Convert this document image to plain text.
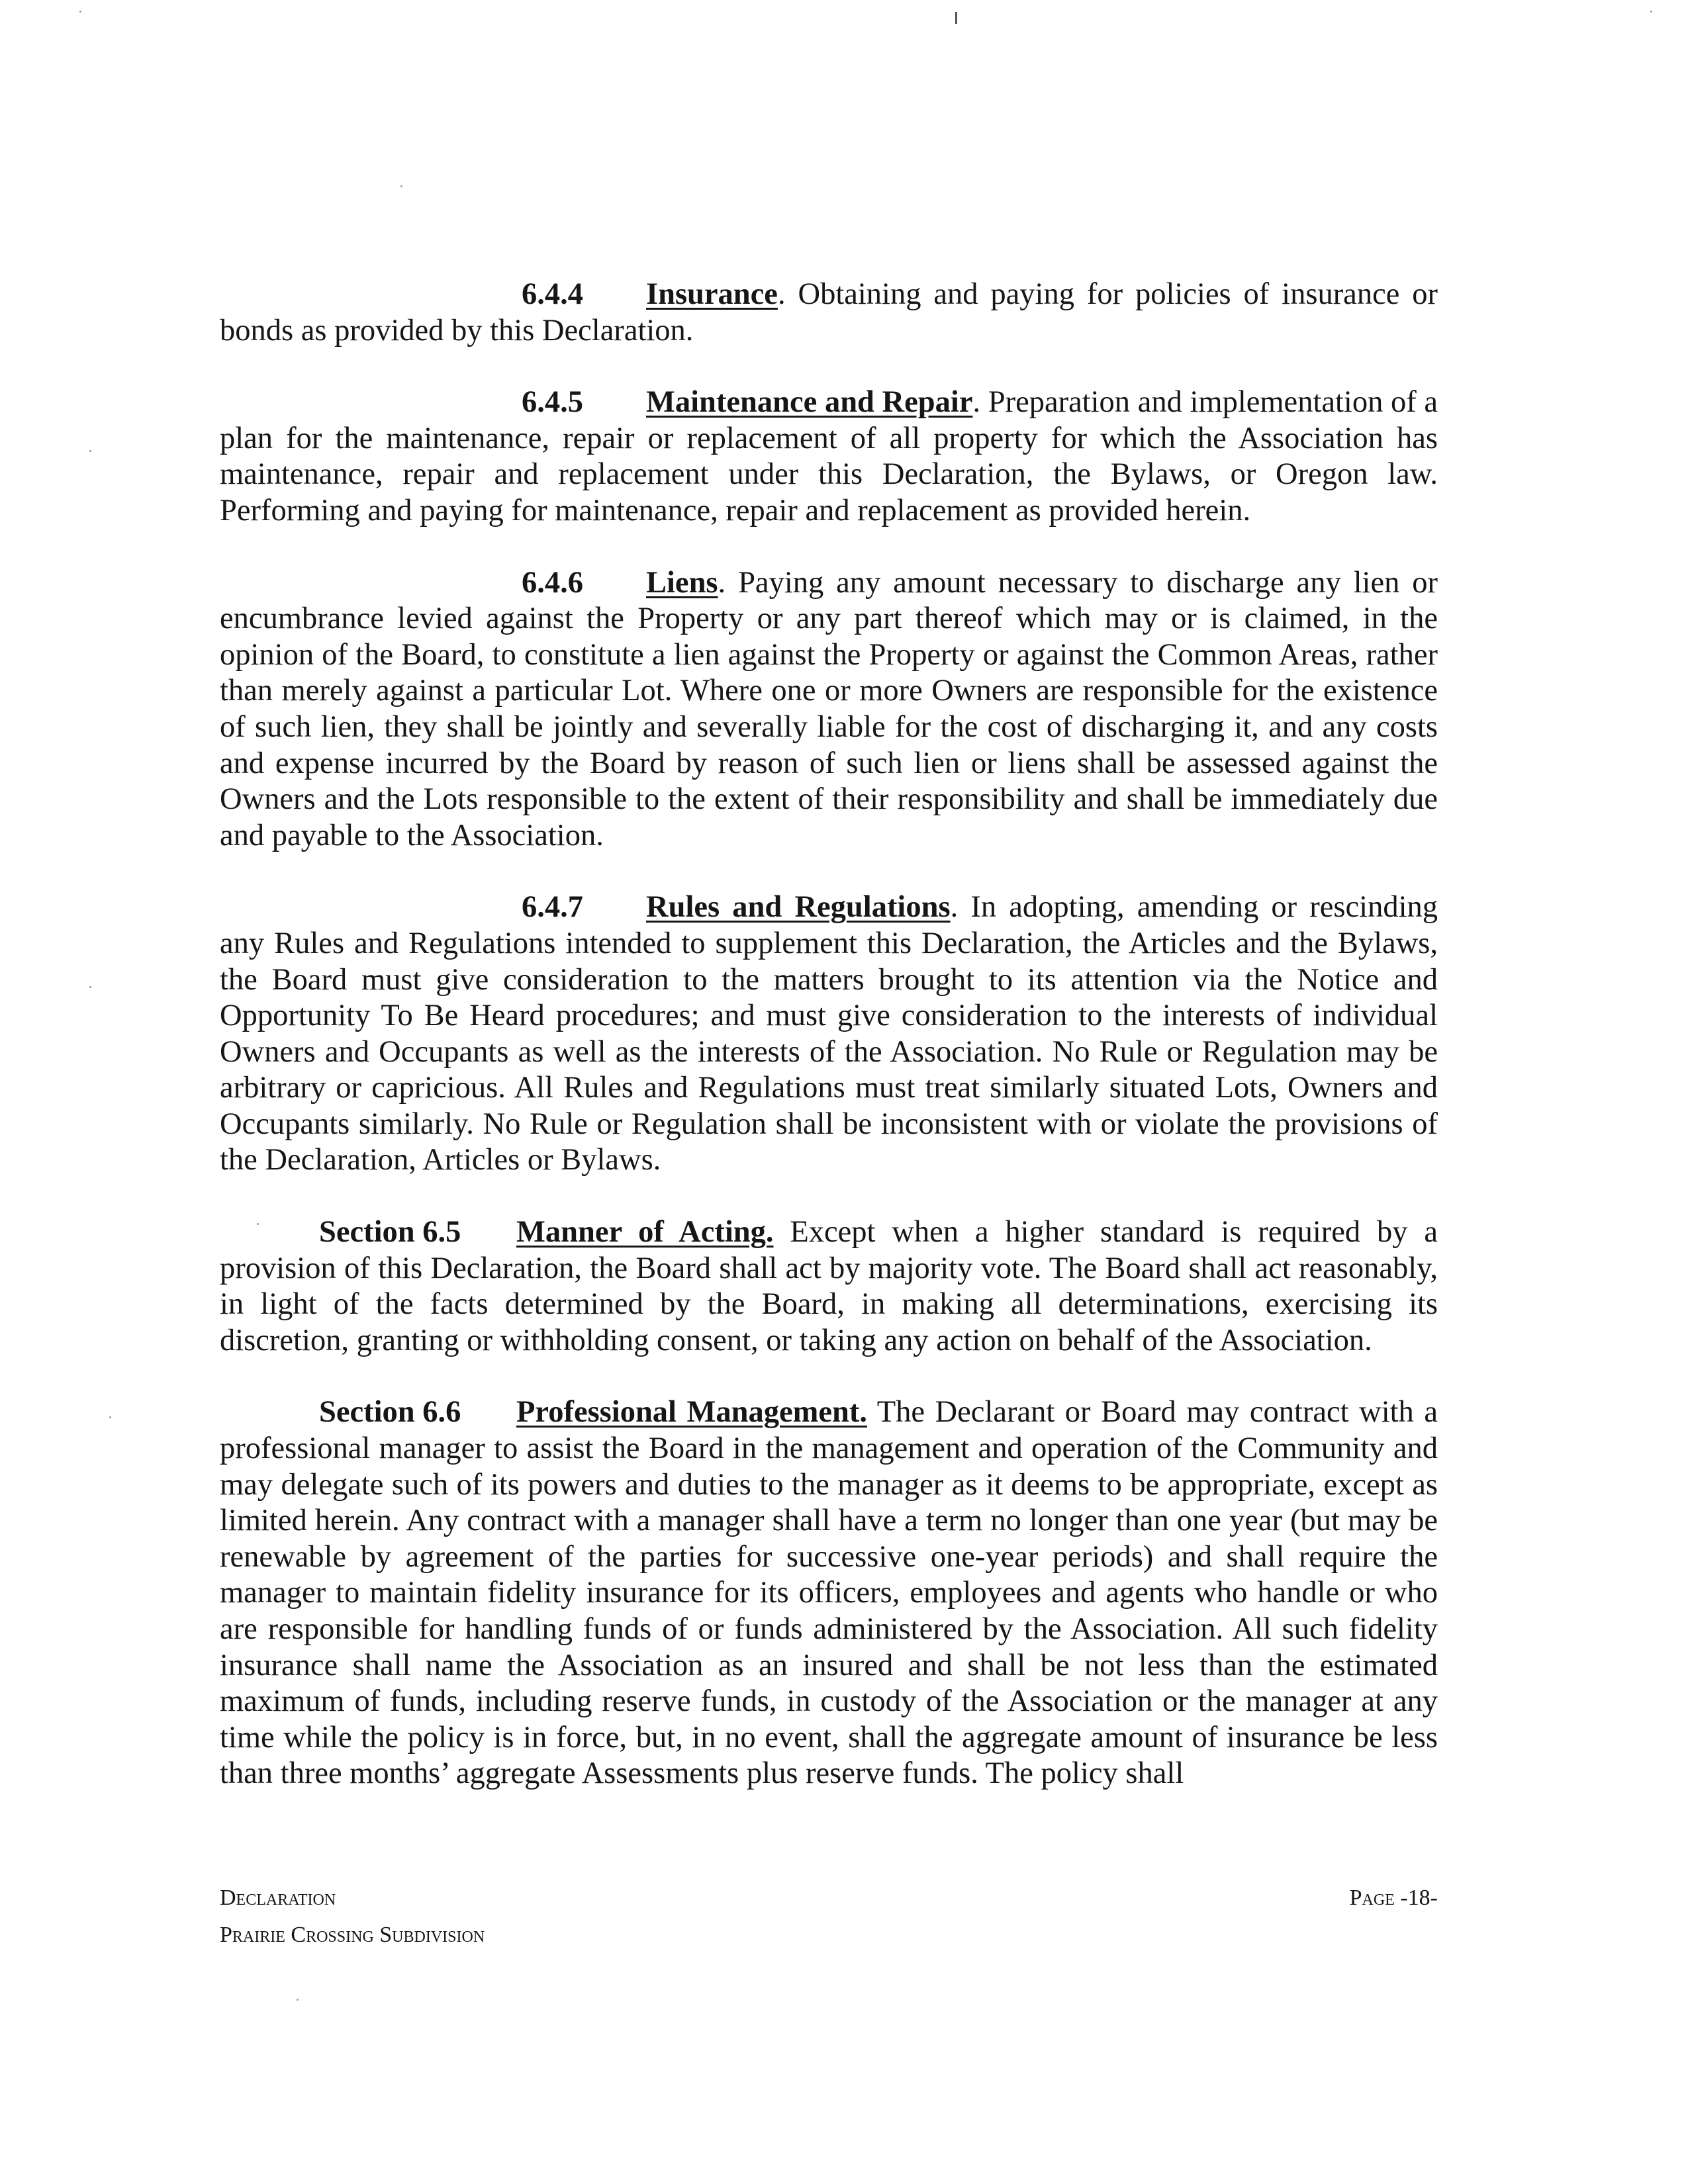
6.4.4 Insurance. Obtaining and paying for policies of insurance or bonds as provided by this Declaration.

6.4.5 Maintenance and Repair. Preparation and implementation of a plan for the maintenance, repair or replacement of all property for which the Association has maintenance, repair and replacement under this Declaration, the Bylaws, or Oregon law. Performing and paying for maintenance, repair and replacement as provided herein.

6.4.6 Liens. Paying any amount necessary to discharge any lien or encumbrance levied against the Property or any part thereof which may or is claimed, in the opinion of the Board, to constitute a lien against the Property or against the Common Areas, rather than merely against a particular Lot. Where one or more Owners are responsible for the existence of such lien, they shall be jointly and severally liable for the cost of discharging it, and any costs and expense incurred by the Board by reason of such lien or liens shall be assessed against the Owners and the Lots responsible to the extent of their responsibility and shall be immediately due and payable to the Association.

6.4.7 Rules and Regulations. In adopting, amending or rescinding any Rules and Regulations intended to supplement this Declaration, the Articles and the Bylaws, the Board must give consideration to the matters brought to its attention via the Notice and Opportunity To Be Heard procedures; and must give consideration to the interests of individual Owners and Occupants as well as the interests of the Association. No Rule or Regulation may be arbitrary or capricious. All Rules and Regulations must treat similarly situated Lots, Owners and Occupants similarly. No Rule or Regulation shall be inconsistent with or violate the provisions of the Declaration, Articles or Bylaws.

Section 6.5 Manner of Acting. Except when a higher standard is required by a provision of this Declaration, the Board shall act by majority vote. The Board shall act reasonably, in light of the facts determined by the Board, in making all determinations, exercising its discretion, granting or withholding consent, or taking any action on behalf of the Association.

Section 6.6 Professional Management. The Declarant or Board may contract with a professional manager to assist the Board in the management and operation of the Community and may delegate such of its powers and duties to the manager as it deems to be appropriate, except as limited herein. Any contract with a manager shall have a term no longer than one year (but may be renewable by agreement of the parties for successive one-year periods) and shall require the manager to maintain fidelity insurance for its officers, employees and agents who handle or who are responsible for handling funds of or funds administered by the Association. All such fidelity insurance shall name the Association as an insured and shall be not less than the estimated maximum of funds, including reserve funds, in custody of the Association or the manager at any time while the policy is in force, but, in no event, shall the aggregate amount of insurance be less than three months’ aggregate Assessments plus reserve funds. The policy shall

Declaration
Prairie Crossing Subdivision
Page -18-
